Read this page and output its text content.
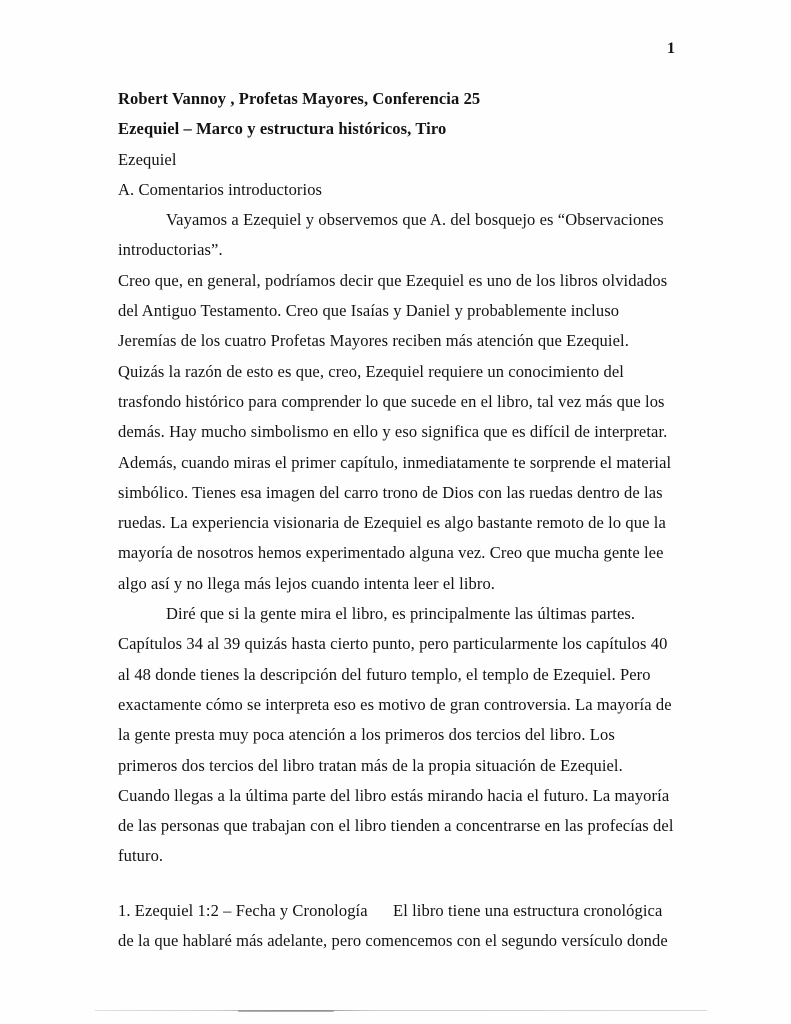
1
Robert Vannoy , Profetas Mayores, Conferencia 25
Ezequiel – Marco y estructura históricos, Tiro
Ezequiel
A. Comentarios introductorios
Vayamos a Ezequiel y observemos que A. del bosquejo es “Observaciones
introductorias”.
Creo que, en general, podríamos decir que Ezequiel es uno de los libros olvidados
del Antiguo Testamento. Creo que Isaías y Daniel y probablemente incluso
Jeremías de los cuatro Profetas Mayores reciben más atención que Ezequiel.
Quizás la razón de esto es que, creo, Ezequiel requiere un conocimiento del
trasfondo histórico para comprender lo que sucede en el libro, tal vez más que los
demás. Hay mucho simbolismo en ello y eso significa que es difícil de interpretar.
Además, cuando miras el primer capítulo, inmediatamente te sorprende el material
simbólico. Tienes esa imagen del carro trono de Dios con las ruedas dentro de las
ruedas. La experiencia visionaria de Ezequiel es algo bastante remoto de lo que la
mayoría de nosotros hemos experimentado alguna vez. Creo que mucha gente lee
algo así y no llega más lejos cuando intenta leer el libro.
Diré que si la gente mira el libro, es principalmente las últimas partes.
Capítulos 34 al 39 quizás hasta cierto punto, pero particularmente los capítulos 40
al 48 donde tienes la descripción del futuro templo, el templo de Ezequiel. Pero
exactamente cómo se interpreta eso es motivo de gran controversia. La mayoría de
la gente presta muy poca atención a los primeros dos tercios del libro. Los
primeros dos tercios del libro tratan más de la propia situación de Ezequiel.
Cuando llegas a la última parte del libro estás mirando hacia el futuro. La mayoría
de las personas que trabajan con el libro tienden a concentrarse en las profecías del
futuro.
1. Ezequiel 1:2 – Fecha y Cronología      El libro tiene una estructura cronológica
de la que hablaré más adelante, pero comencemos con el segundo versículo donde
